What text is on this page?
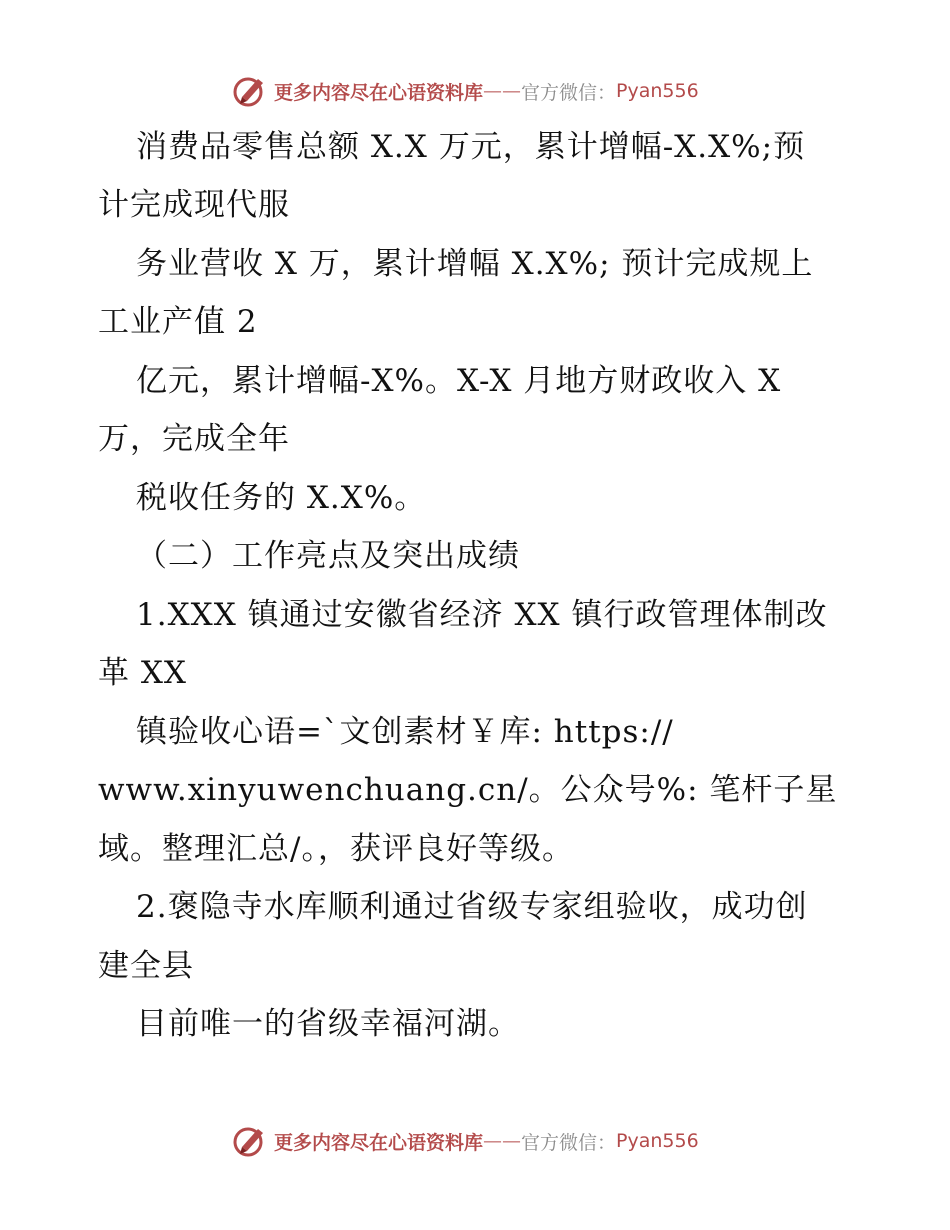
更多内容尽在心语资料库 —— 官方微信： Pyan556
消费品零售总额 X.X 万元，累计增幅-X.X%;预
计完成现代服
务业营收 X 万，累计增幅 X.X%; 预计完成规上
工业产值 2
亿元，累计增幅-X%。X-X 月地方财政收入 X
万，完成全年
税收任务的 X.X%。
（二）工作亮点及突出成绩
1.XXX 镇通过安徽省经济 XX 镇行政管理体制改
革 XX
镇验收心语=`文创素材￥库: https://
www.xinyuwenchuang.cn/。公众号%: 笔杆子星
域。整理汇总/。，获评良好等级。
2.褒隐寺水库顺利通过省级专家组验收，成功创
建全县
目前唯一的省级幸福河湖。
更多内容尽在心语资料库 —— 官方微信： Pyan556
